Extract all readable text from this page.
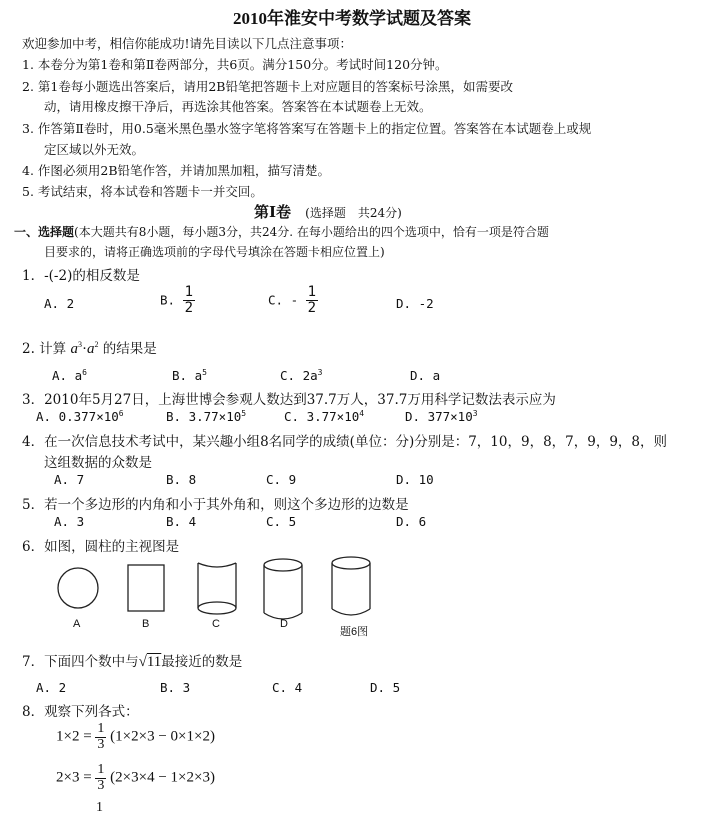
2010年淮安中考数学试题及答案
欢迎参加中考，相信你能成功!请先目读以下几点注意事项：
1. 本卷分为第1卷和第Ⅱ卷两部分，共6页。满分150分。考试时间120分钟。
2. 第1卷每小题选出答案后，请用2B铅笔把答题卡上对应题目的答案标号涂黑，如需要改
动，请用橡皮擦干净后，再选涂其他答案。答案答在本试题卷上无效。
3. 作答第Ⅱ卷时，用0.5毫米黑色墨水签字笔将答案写在答题卡上的指定位置。答案答在本试题卷上或规
定区域以外无效。
4. 作图必须用2B铅笔作答，并请加黑加粗，描写清楚。
5. 考试结束，将本试卷和答题卡一并交回。
第Ⅰ卷 (选择题　共24分)
一、选择题(本大题共有8小题，每小题3分，共24分. 在每小题给出的四个选项中，恰有一项是符合题
目要求的，请将正确选项前的字母代号填涂在答题卡相应位置上)
1．-(-2)的相反数是
A. 2	B. $\frac{1}{2}$	C. - $\frac{1}{2}$	D. -2
2. 计算 $a^3\cdot a^2$ 的结果是
A. $a^6$	B. $a^5$	C. $2a^3$	D. a
3．2010年5月27日，上海世博会参观人数达到37.7万人，37.7万用科学记数法表示应为
A. $0.377\times 10^6$	B. $3.77\times 10^5$	C. $3.77\times 10^4$	D. $377\times 10^3$
4．在一次信息技术考试中，某兴趣小组8名同学的成绩(单位：分)分别是：7，10，9，8，7，9，9，8，则
这组数据的众数是
A. 7	B. 8	C. 9	D. 10
5．若一个多边形的内角和小于其外角和，则这个多边形的边数是
A. 3	B. 4	C. 5	D. 6
6．如图，圆柱的主视图是
A	B	C	D
题6图
7．下面四个数中与√11最接近的数是
A. 2	B. 3	C. 4	D. 5
8．观察下列各式：
$1\times 2 = \frac{1}{3} (1\times 2\times 3 - 0\times 1\times 2)$
$2\times 3 = \frac{1}{3} (2\times 3\times 4 - 1\times 2\times 3)$
1
